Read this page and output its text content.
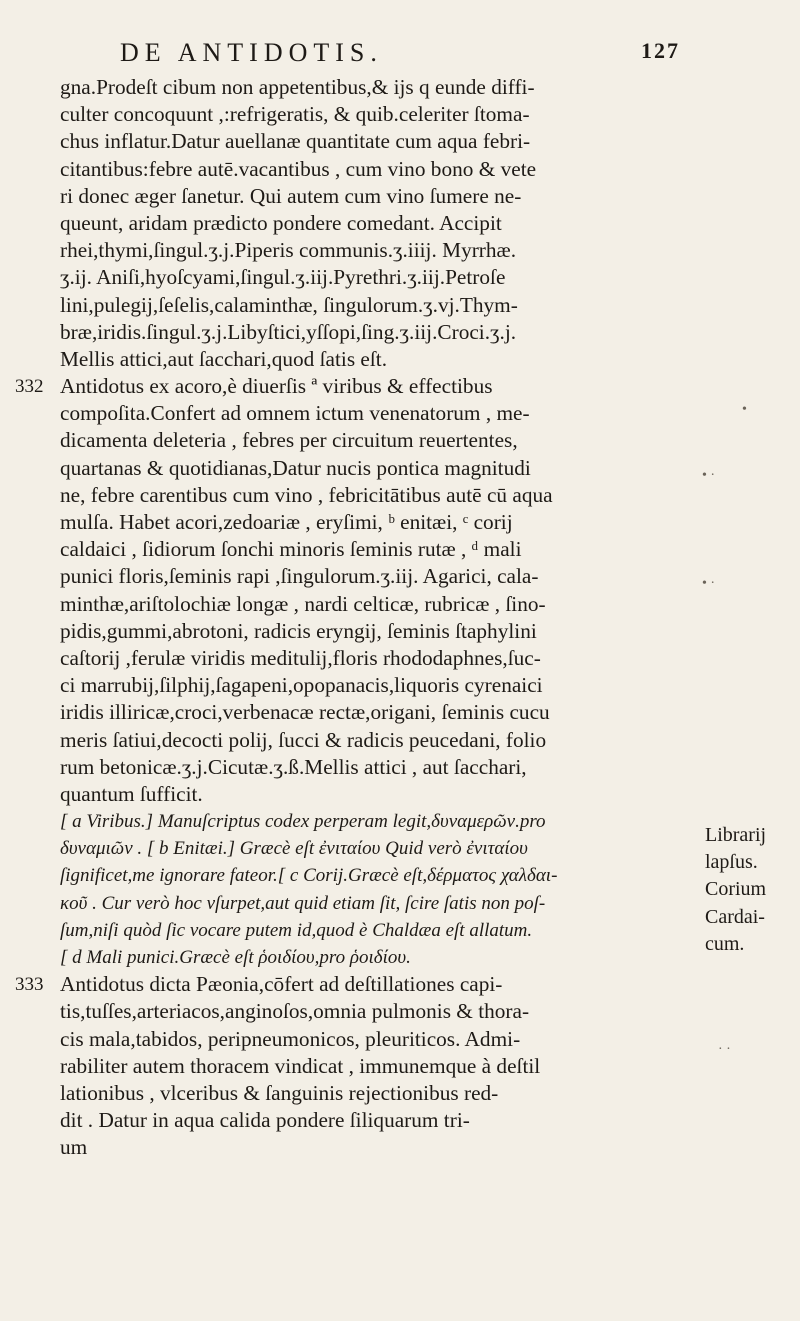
DE ANTIDOTIS.	127
gna.Prodeſt cibum non appetentibus,& ijs q eunde diffi-
culter concoquunt ,:refrigeratis, & quib.celeriter ſtoma-
chus inflatur.Datur auellanæ quantitate cum aqua febri-
citantibus:febre autē.vacantibus , cum vino bono & vete
ri donec æger ſanetur. Qui autem cum vino ſumere ne-
queunt, aridam prædicto pondere comedant. Accipit
rhei,thymi,ſingul.ʒ.j.Piperis communis.ʒ.iiij. Myrrhæ.
ʒ.ij. Aniſi,hyoſcyami,ſingul.ʒ.iij.Pyrethri.ʒ.iij.Petroſe
lini,pulegij,ſeſelis,calaminthæ, ſingulorum.ʒ.vj.Thym-
bræ,iridis.ſingul.ʒ.j.Libyſtici,yſſopi,ſing.ʒ.iij.Croci.ʒ.j.
Mellis attici,aut ſacchari,quod ſatis eſt.
332 Antidotus ex acoro,è diuerſis ª viribus & effectibus
compoſita.Confert ad omnem ictum venenatorum , me-
dicamenta deleteria , febres per circuitum reuertentes,
quartanas & quotidianas,Datur nucis pontica magnitudi
ne, febre carentibus cum vino , febricitātibus autē cū aqua
mulſa. Habet acori,zedoariæ , eryſimi, ᵇ enitæi, ᶜ corij
caldaici , ſidiorum ſonchi minoris ſeminis rutæ , ᵈ mali
punici floris,ſeminis rapi ,ſingulorum.ʒ.iij. Agarici, cala-
minthæ,ariſtolochiæ longæ , nardi celticæ, rubricæ , ſino-
pidis,gummi,abrotoni, radicis eryngij, ſeminis ſtaphylini
caſtorij ,ferulæ viridis meditulij,floris rhododaphnes,ſuc-
ci marrubij,ſilphij,ſagapeni,opopanacis,liquoris cyrenaici
iridis illiricæ,croci,verbenacæ rectæ,origani, ſeminis cucu
meris ſatiui,decocti polij, ſucci & radicis peucedani, folio
rum betonicæ.ʒ.j.Cicutæ.ʒ.ß.Mellis attici , aut ſacchari,
quantum ſufficit.
[ a Viribus.] Manuſcriptus codex perperam legit,δυναμερῶν.pro
δυναμιῶν . [ b Enitæi.] Græcè eſt ἐνιταίου Quid verò ἐνιταίου
ſignificet,me ignorare fateor.[ c Corij.Græcè eſt,δέρματος χαλδαι-
κοῦ . Cur verò hoc vſurpet,aut quid etiam ſit, ſcire ſatis non poſ-
ſum,niſi quòd ſic vocare putem id,quod è Chaldæa eſt allatum.
[ d Mali punici.Græcè eſt ῥοιδίου,pro ῥοιδίου.
333 Antidotus dicta Pæonia,cōfert ad deſtillationes capi-
tis,tuſſes,arteriacos,anginoſos,omnia pulmonis & thora-
cis mala,tabidos, peripneumonicos, pleuriticos. Admi-
rabiliter autem thoracem vindicat , immunemque à deſtil
lationibus , vlceribus & ſanguinis rejectionibus red-
dit . Datur in aqua calida pondere ſiliquarum tri-
um
Librarij
lapſus.
Corium
Cardai-
cum.
•
• ·
• ·
· ·
